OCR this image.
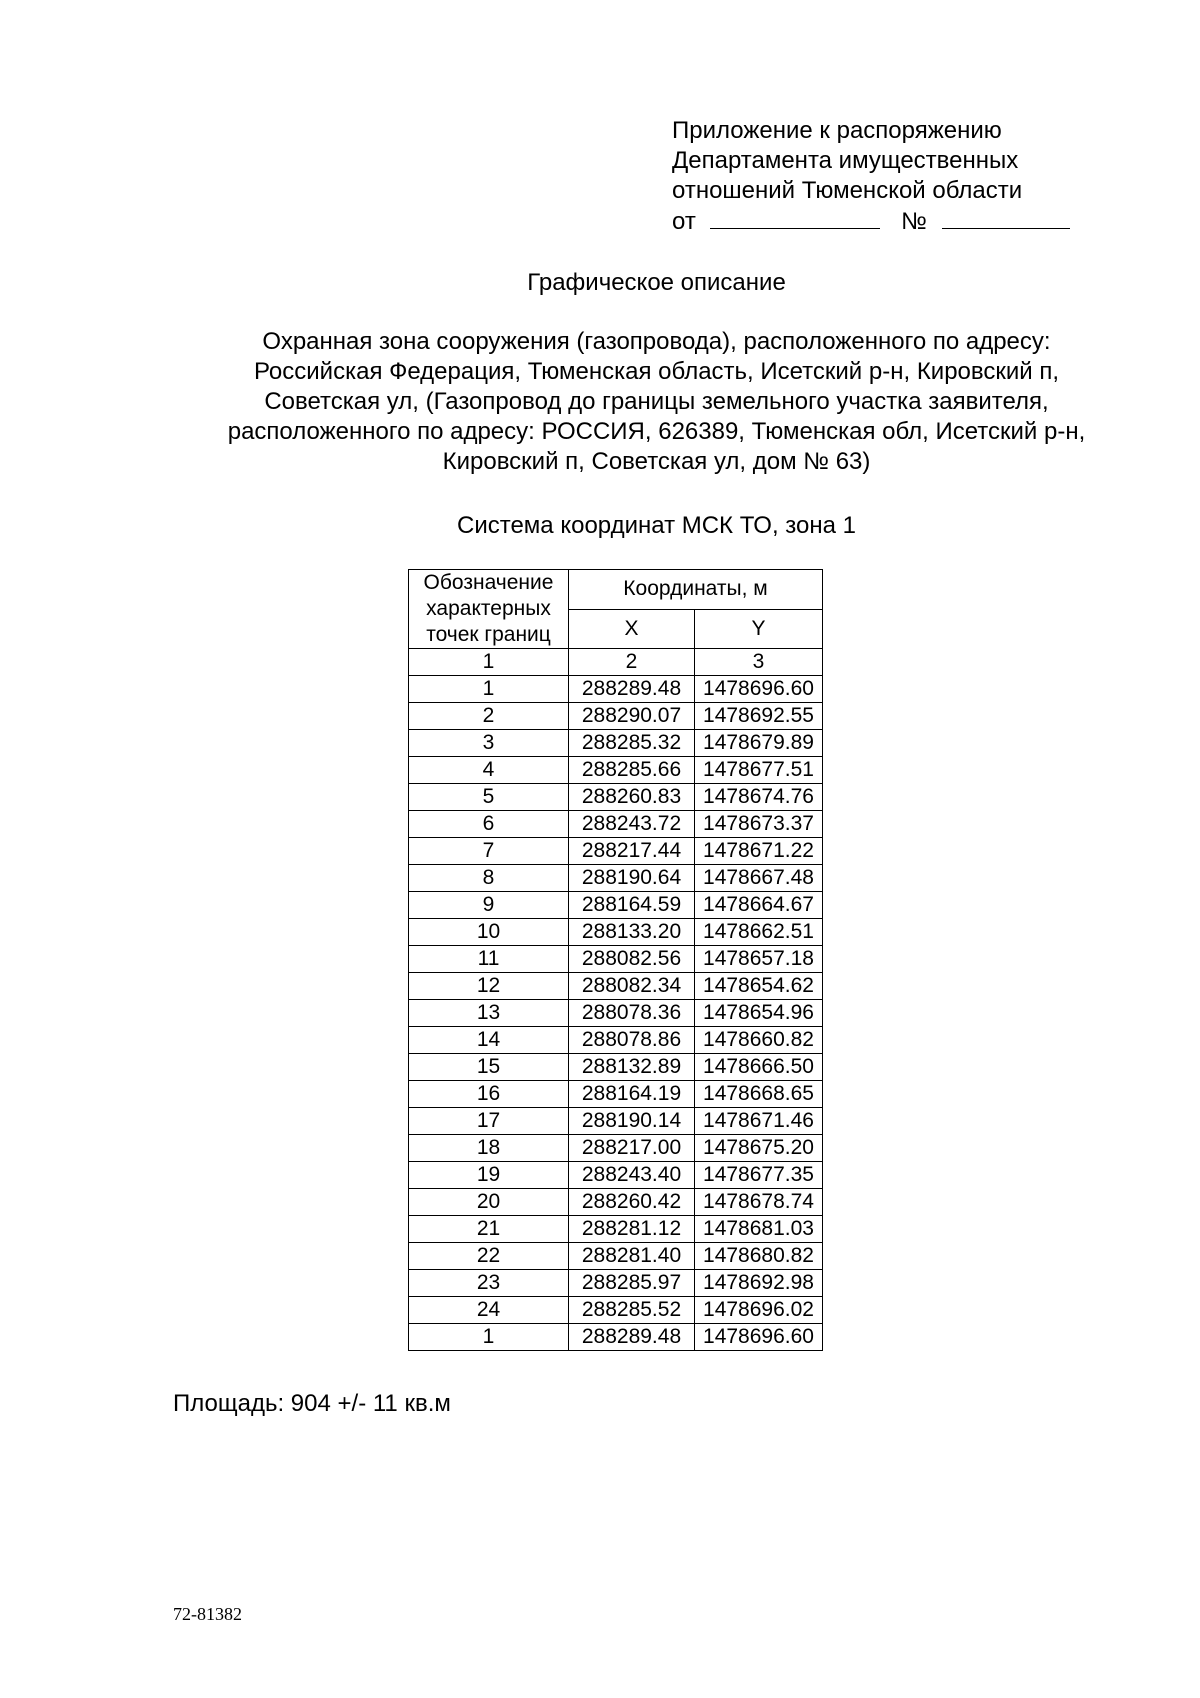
Приложение к распоряжению
Департамента имущественных
отношений Тюменской области
от	№
Графическое описание
Охранная зона сооружения (газопровода), расположенного по адресу:
Российская Федерация, Тюменская область, Исетский р-н, Кировский п,
Советская ул, (Газопровод до границы земельного участка заявителя,
расположенного по адресу: РОССИЯ, 626389, Тюменская обл, Исетский р-н,
Кировский п, Советская ул, дом № 63)
Система координат МСК ТО, зона 1
Обозначение
характерных
точек границ	Координаты, м	
	X	Y
1	2	3
1	288289.48	1478696.60
2	288290.07	1478692.55
3	288285.32	1478679.89
4	288285.66	1478677.51
5	288260.83	1478674.76
6	288243.72	1478673.37
7	288217.44	1478671.22
8	288190.64	1478667.48
9	288164.59	1478664.67
10	288133.20	1478662.51
11	288082.56	1478657.18
12	288082.34	1478654.62
13	288078.36	1478654.96
14	288078.86	1478660.82
15	288132.89	1478666.50
16	288164.19	1478668.65
17	288190.14	1478671.46
18	288217.00	1478675.20
19	288243.40	1478677.35
20	288260.42	1478678.74
21	288281.12	1478681.03
22	288281.40	1478680.82
23	288285.97	1478692.98
24	288285.52	1478696.02
1	288289.48	1478696.60
Площадь: 904 +/- 11 кв.м
72-81382
